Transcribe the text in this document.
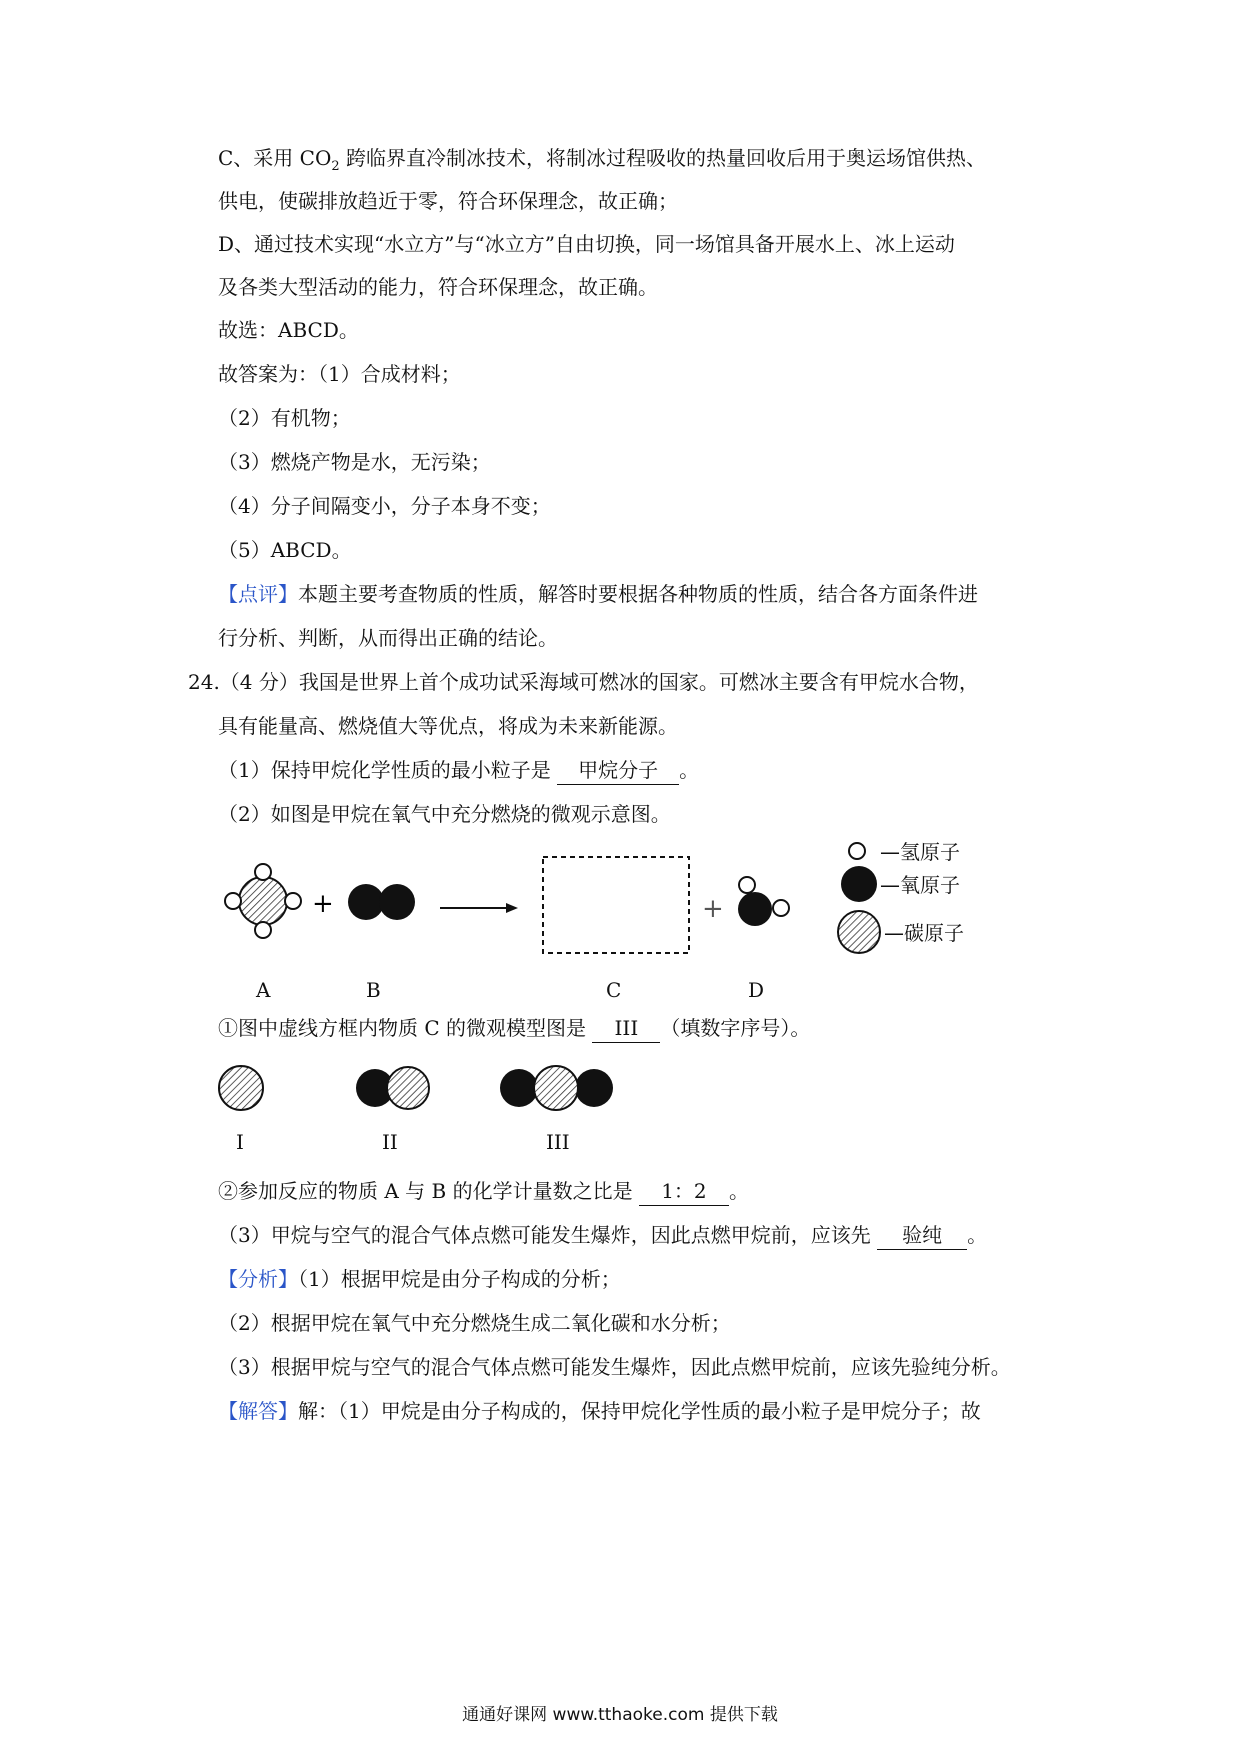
C、采用 $CO_2$ 跨临界直冷制冰技术，将制冰过程吸收的热量回收后用于奥运场馆供热、
供电，使碳排放趋近于零，符合环保理念，故正确；
D、通过技术实现“水立方”与“冰立方”自由切换，同一场馆具备开展水上、冰上运动
及各类大型活动的能力，符合环保理念，故正确。
故选：ABCD。
故答案为：（1）合成材料；
（2）有机物；
（3）燃烧产物是水，无污染；
（4）分子间隔变小，分子本身不变；
（5）ABCD。
【点评】本题主要考查物质的性质，解答时要根据各种物质的性质，结合各方面条件进
行分析、判断，从而得出正确的结论。
24.（4 分）我国是世界上首个成功试采海域可燃冰的国家。可燃冰主要含有甲烷水合物，
具有能量高、燃烧值大等优点，将成为未来新能源。
（1）保持甲烷化学性质的最小粒子是 甲烷分子 。
（2）如图是甲烷在氧气中充分燃烧的微观示意图。
①图中虚线方框内物质 C 的微观模型图是 III （填数字序号）。
②参加反应的物质 A 与 B 的化学计量数之比是 1：2 。
（3）甲烷与空气的混合气体点燃可能发生爆炸，因此点燃甲烷前，应该先 验纯 。
【分析】（1）根据甲烷是由分子构成的分析；
（2）根据甲烷在氧气中充分燃烧生成二氧化碳和水分析；
（3）根据甲烷与空气的混合气体点燃可能发生爆炸，因此点燃甲烷前，应该先验纯分析。
【解答】解：（1）甲烷是由分子构成的，保持甲烷化学性质的最小粒子是甲烷分子；故
+	+
A	B	C	D
—氢原子
—氧原子
—碳原子
I	II	III
通通好课网 www.tthaoke.com 提供下载
